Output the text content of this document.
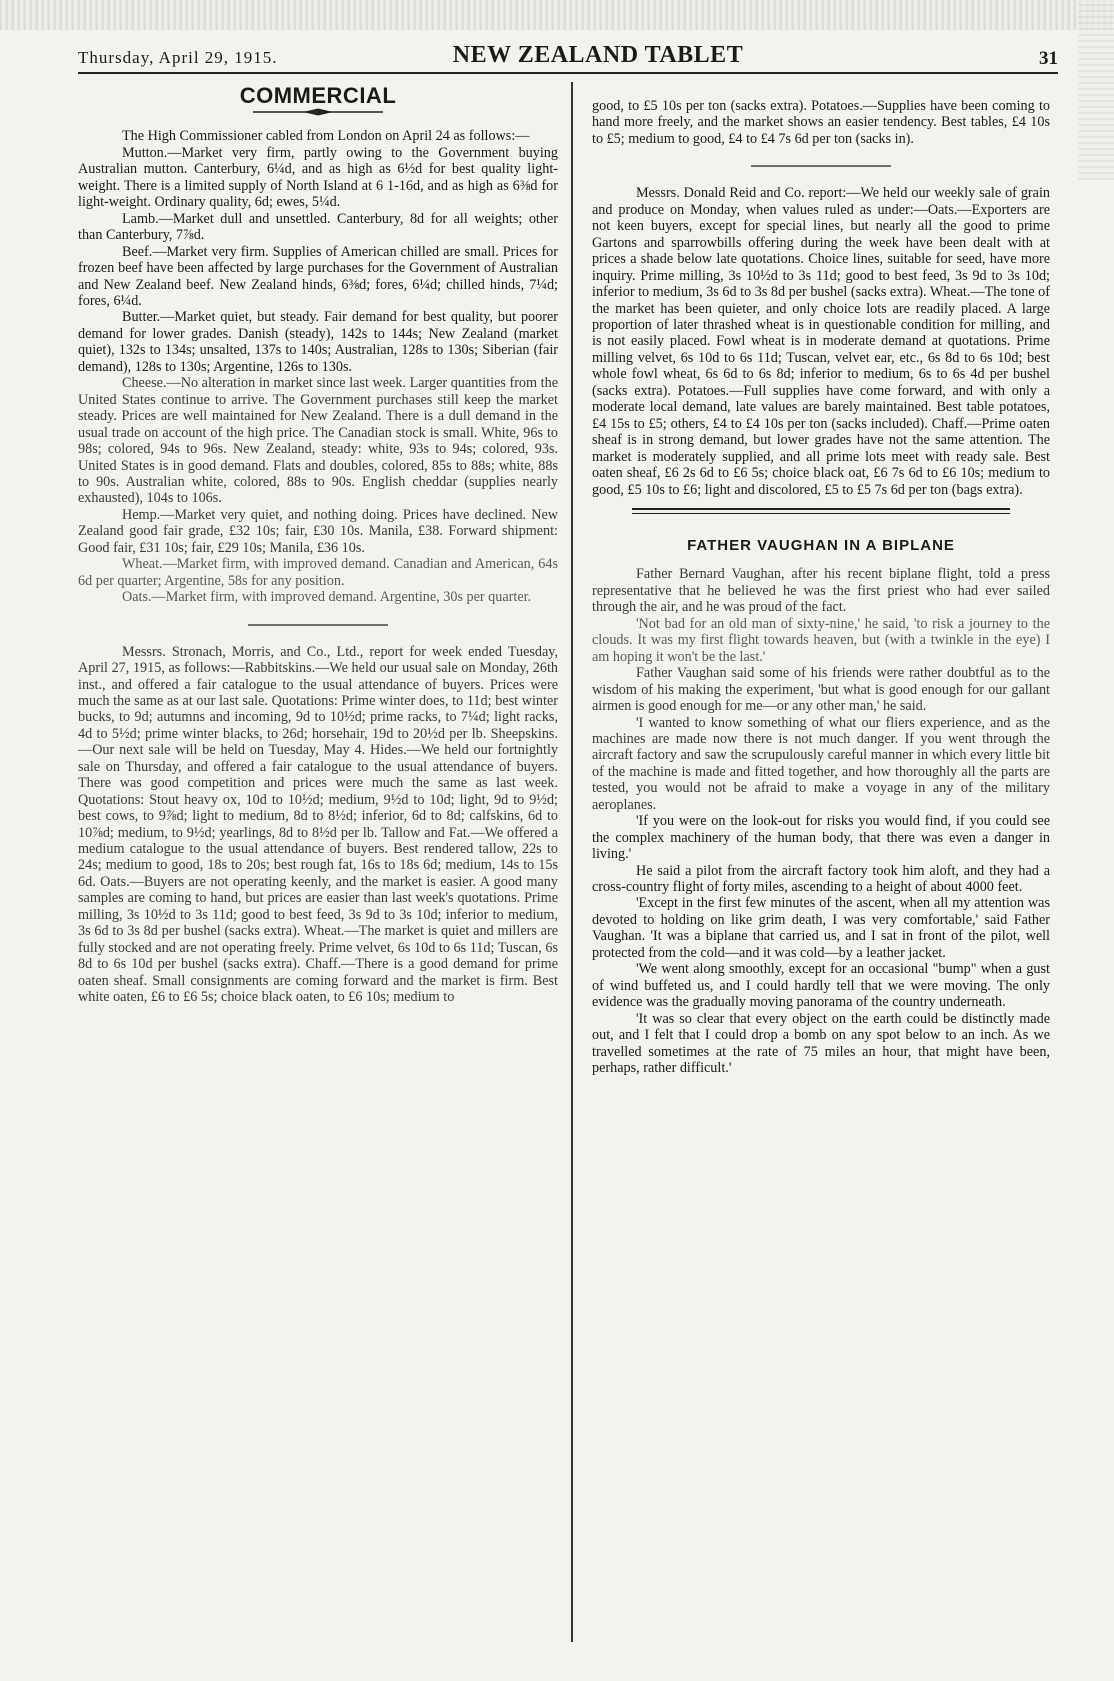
Thursday, April 29, 1915.	NEW ZEALAND TABLET	31
COMMERCIAL

The High Commissioner cabled from London on April 24 as follows:—

Mutton.—Market very firm, partly owing to the Government buying Australian mutton. Canterbury, 6¼d, and as high as 6½d for best quality light-weight. There is a limited supply of North Island at 6 1-16d, and as high as 6⅜d for light-weight. Ordinary quality, 6d; ewes, 5¼d.

Lamb.—Market dull and unsettled. Canterbury, 8d for all weights; other than Canterbury, 7⅞d.

Beef.—Market very firm. Supplies of American chilled are small. Prices for frozen beef have been affected by large purchases for the Government of Australian and New Zealand beef. New Zealand hinds, 6⅜d; fores, 6¼d; chilled hinds, 7¼d; fores, 6¼d.

Butter.—Market quiet, but steady. Fair demand for best quality, but poorer demand for lower grades. Danish (steady), 142s to 144s; New Zealand (market quiet), 132s to 134s; unsalted, 137s to 140s; Australian, 128s to 130s; Siberian (fair demand), 128s to 130s; Argentine, 126s to 130s.

Cheese.—No alteration in market since last week. Larger quantities from the United States continue to arrive. The Government purchases still keep the market steady. Prices are well maintained for New Zealand. There is a dull demand in the usual trade on account of the high price. The Canadian stock is small. White, 96s to 98s; colored, 94s to 96s. New Zealand, steady: white, 93s to 94s; colored, 93s. United States is in good demand. Flats and doubles, colored, 85s to 88s; white, 88s to 90s. Australian white, colored, 88s to 90s. English cheddar (supplies nearly exhausted), 104s to 106s.

Hemp.—Market very quiet, and nothing doing. Prices have declined. New Zealand good fair grade, £32 10s; fair, £30 10s. Manila, £38. Forward shipment: Good fair, £31 10s; fair, £29 10s; Manila, £36 10s.

Wheat.—Market firm, with improved demand. Canadian and American, 64s 6d per quarter; Argentine, 58s for any position.

Oats.—Market firm, with improved demand. Argentine, 30s per quarter.

Messrs. Stronach, Morris, and Co., Ltd., report for week ended Tuesday, April 27, 1915, as follows:—Rabbitskins.—We held our usual sale on Monday, 26th inst., and offered a fair catalogue to the usual attendance of buyers. Prices were much the same as at our last sale. Quotations: Prime winter does, to 11d; best winter bucks, to 9d; autumns and incoming, 9d to 10½d; prime racks, to 7¼d; light racks, 4d to 5½d; prime winter blacks, to 26d; horsehair, 19d to 20½d per lb. Sheepskins.—Our next sale will be held on Tuesday, May 4. Hides.—We held our fortnightly sale on Thursday, and offered a fair catalogue to the usual attendance of buyers. There was good competition and prices were much the same as last week. Quotations: Stout heavy ox, 10d to 10½d; medium, 9½d to 10d; light, 9d to 9½d; best cows, to 9⅞d; light to medium, 8d to 8½d; inferior, 6d to 8d; calfskins, 6d to 10⅞d; medium, to 9½d; yearlings, 8d to 8½d per lb. Tallow and Fat.—We offered a medium catalogue to the usual attendance of buyers. Best rendered tallow, 22s to 24s; medium to good, 18s to 20s; best rough fat, 16s to 18s 6d; medium, 14s to 15s 6d. Oats.—Buyers are not operating keenly, and the market is easier. A good many samples are coming to hand, but prices are easier than last week's quotations. Prime milling, 3s 10½d to 3s 11d; good to best feed, 3s 9d to 3s 10d; inferior to medium, 3s 6d to 3s 8d per bushel (sacks extra). Wheat.—The market is quiet and millers are fully stocked and are not operating freely. Prime velvet, 6s 10d to 6s 11d; Tuscan, 6s 8d to 6s 10d per bushel (sacks extra). Chaff.—There is a good demand for prime oaten sheaf. Small consignments are coming forward and the market is firm. Best white oaten, £6 to £6 5s; choice black oaten, to £6 10s; medium to

good, to £5 10s per ton (sacks extra). Potatoes.—Supplies have been coming to hand more freely, and the market shows an easier tendency. Best tables, £4 10s to £5; medium to good, £4 to £4 7s 6d per ton (sacks in).

Messrs. Donald Reid and Co. report:—We held our weekly sale of grain and produce on Monday, when values ruled as under:—Oats.—Exporters are not keen buyers, except for special lines, but nearly all the good to prime Gartons and sparrowbills offering during the week have been dealt with at prices a shade below late quotations. Choice lines, suitable for seed, have more inquiry. Prime milling, 3s 10½d to 3s 11d; good to best feed, 3s 9d to 3s 10d; inferior to medium, 3s 6d to 3s 8d per bushel (sacks extra). Wheat.—The tone of the market has been quieter, and only choice lots are readily placed. A large proportion of later thrashed wheat is in questionable condition for milling, and is not easily placed. Fowl wheat is in moderate demand at quotations. Prime milling velvet, 6s 10d to 6s 11d; Tuscan, velvet ear, etc., 6s 8d to 6s 10d; best whole fowl wheat, 6s 6d to 6s 8d; inferior to medium, 6s to 6s 4d per bushel (sacks extra). Potatoes.—Full supplies have come forward, and with only a moderate local demand, late values are barely maintained. Best table potatoes, £4 15s to £5; others, £4 to £4 10s per ton (sacks included). Chaff.—Prime oaten sheaf is in strong demand, but lower grades have not the same attention. The market is moderately supplied, and all prime lots meet with ready sale. Best oaten sheaf, £6 2s 6d to £6 5s; choice black oat, £6 7s 6d to £6 10s; medium to good, £5 10s to £6; light and discolored, £5 to £5 7s 6d per ton (bags extra).

FATHER VAUGHAN IN A BIPLANE

Father Bernard Vaughan, after his recent biplane flight, told a press representative that he believed he was the first priest who had ever sailed through the air, and he was proud of the fact.

'Not bad for an old man of sixty-nine,' he said, 'to risk a journey to the clouds. It was my first flight towards heaven, but (with a twinkle in the eye) I am hoping it won't be the last.'

Father Vaughan said some of his friends were rather doubtful as to the wisdom of his making the experiment, 'but what is good enough for our gallant airmen is good enough for me—or any other man,' he said.

'I wanted to know something of what our fliers experience, and as the machines are made now there is not much danger. If you went through the aircraft factory and saw the scrupulously careful manner in which every little bit of the machine is made and fitted together, and how thoroughly all the parts are tested, you would not be afraid to make a voyage in any of the military aeroplanes.

'If you were on the look-out for risks you would find, if you could see the complex machinery of the human body, that there was even a danger in living.'

He said a pilot from the aircraft factory took him aloft, and they had a cross-country flight of forty miles, ascending to a height of about 4000 feet.

'Except in the first few minutes of the ascent, when all my attention was devoted to holding on like grim death, I was very comfortable,' said Father Vaughan. 'It was a biplane that carried us, and I sat in front of the pilot, well protected from the cold—and it was cold—by a leather jacket.

'We went along smoothly, except for an occasional "bump" when a gust of wind buffeted us, and I could hardly tell that we were moving. The only evidence was the gradually moving panorama of the country underneath.

'It was so clear that every object on the earth could be distinctly made out, and I felt that I could drop a bomb on any spot below to an inch. As we travelled sometimes at the rate of 75 miles an hour, that might have been, perhaps, rather difficult.'
